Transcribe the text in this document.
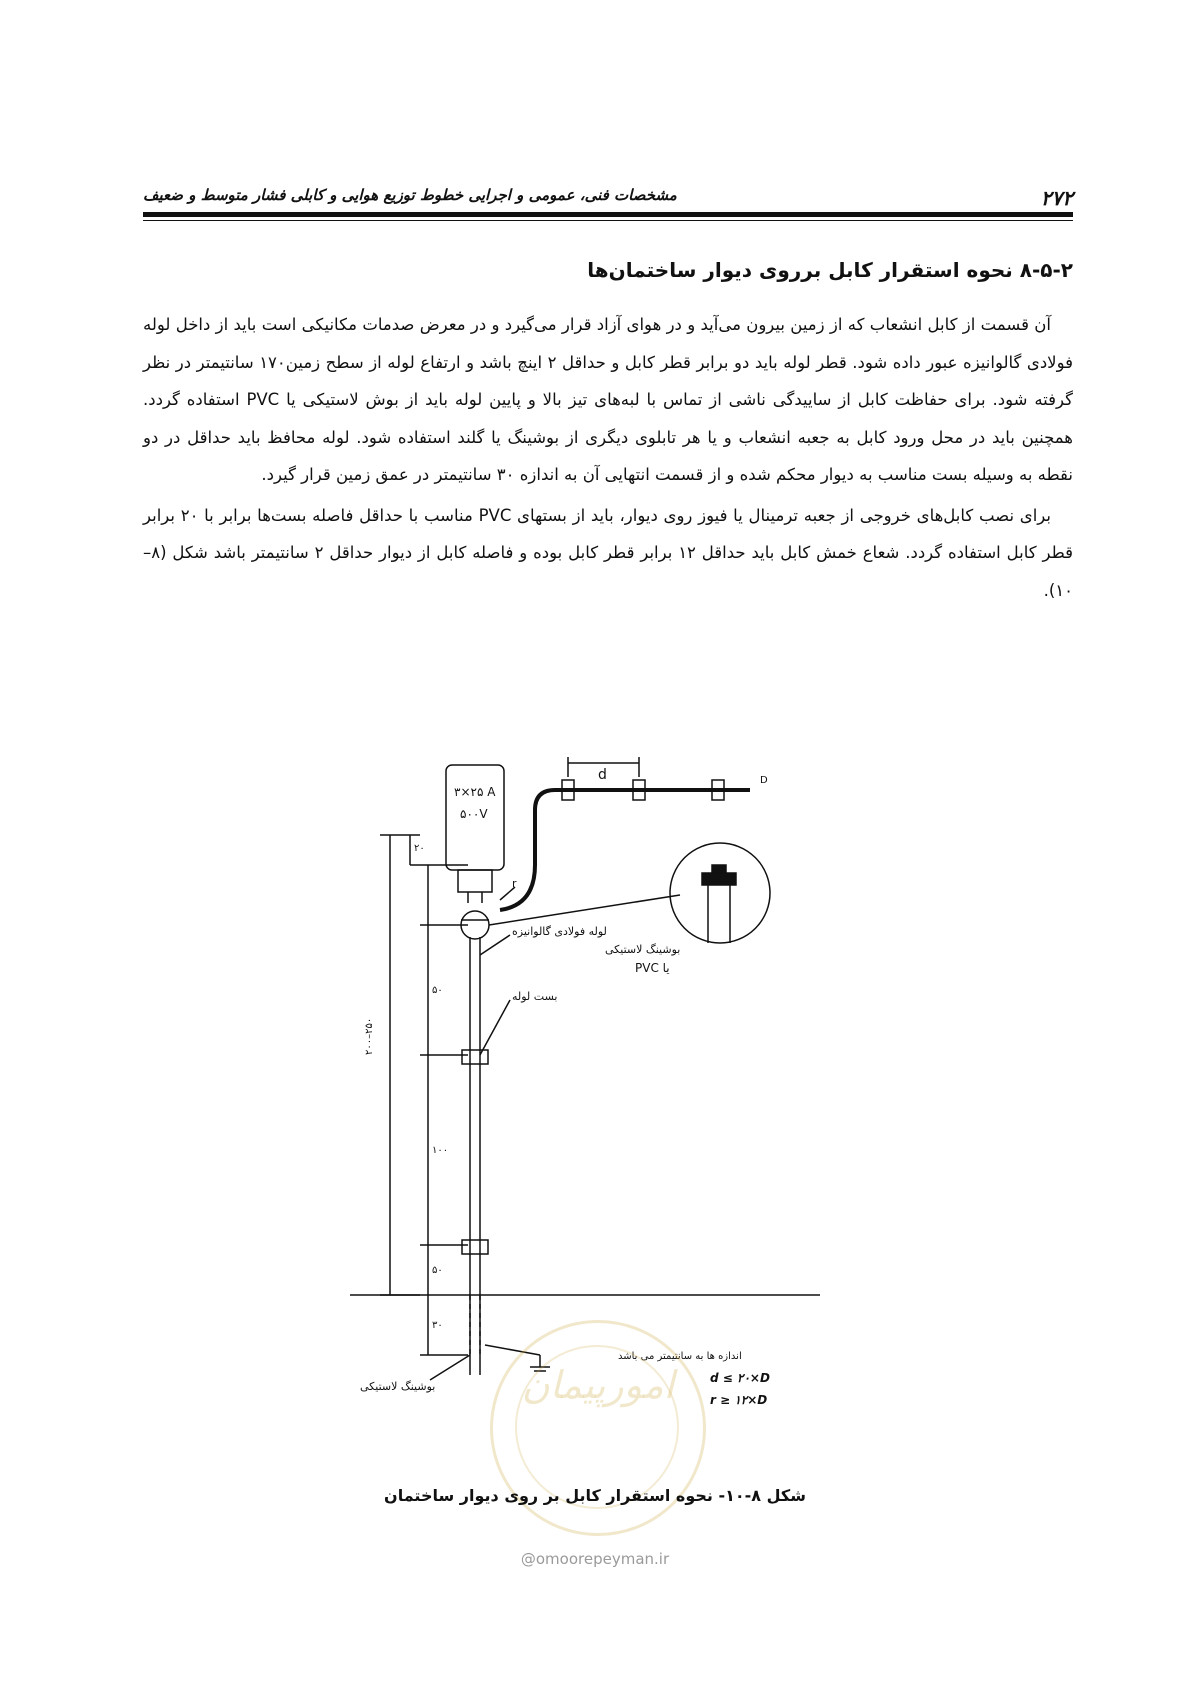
۲۷۲
مشخصات فنی، عمومی و اجرایی خطوط توزیع هوایی و کابلی فشار متوسط و ضعیف
۸-۵-۲ نحوه استقرار کابل برروی دیوار ساختمان‌ها

آن قسمت از کابل انشعاب که از زمین بیرون می‌آید و در هوای آزاد قرار می‌گیرد و در معرض صدمات مکانیکی است باید از داخل لوله فولادی گالوانیزه عبور داده شود. قطر لوله باید دو برابر قطر کابل و حداقل ۲ اینچ باشد و ارتفاع لوله از سطح زمین۱۷۰ سانتیمتر در نظر گرفته شود. برای حفاظت کابل از ساییدگی ناشی از تماس با لبه‌های تیز بالا و پایین لوله باید از بوش لاستیکی یا PVC استفاده گردد. همچنین باید در محل ورود کابل به جعبه انشعاب و یا هر تابلوی دیگری از بوشینگ یا گلند استفاده شود. لوله محافظ باید حداقل در دو نقطه به وسیله بست مناسب به دیوار محکم شده و از قسمت انتهایی آن به اندازه ۳۰ سانتیمتر در عمق زمین قرار گیرد.

برای نصب کابل‌های خروجی از جعبه ترمینال یا فیوز روی دیوار، باید از بستهای PVC مناسب با حداقل فاصله بست‌ها برابر با ۲۰ برابر قطر کابل استفاده گردد. شعاع خمش کابل باید حداقل ۱۲ برابر قطر کابل بوده و فاصله کابل از دیوار حداقل ۲ سانتیمتر باشد شکل (۸–۱۰).

۳×۲۵ A
۵۰۰V
d	D
r
لوله فولادی گالوانیزه
بوشینگ لاستیکی
یا PVC
بست لوله
بوشینگ لاستیکی
۲۰
۵۰
۱۰۰
۵۰
۲۵۰–۲۰۰
۳۰
اندازه ها به سانتیمتر می باشد
d ≤ ۲۰×D
r ≥ ۱۲×D
امورپیمان
شکل ۸-۱۰- نحوه استقرار کابل بر روی دیوار ساختمان
@omoorepeyman.ir
